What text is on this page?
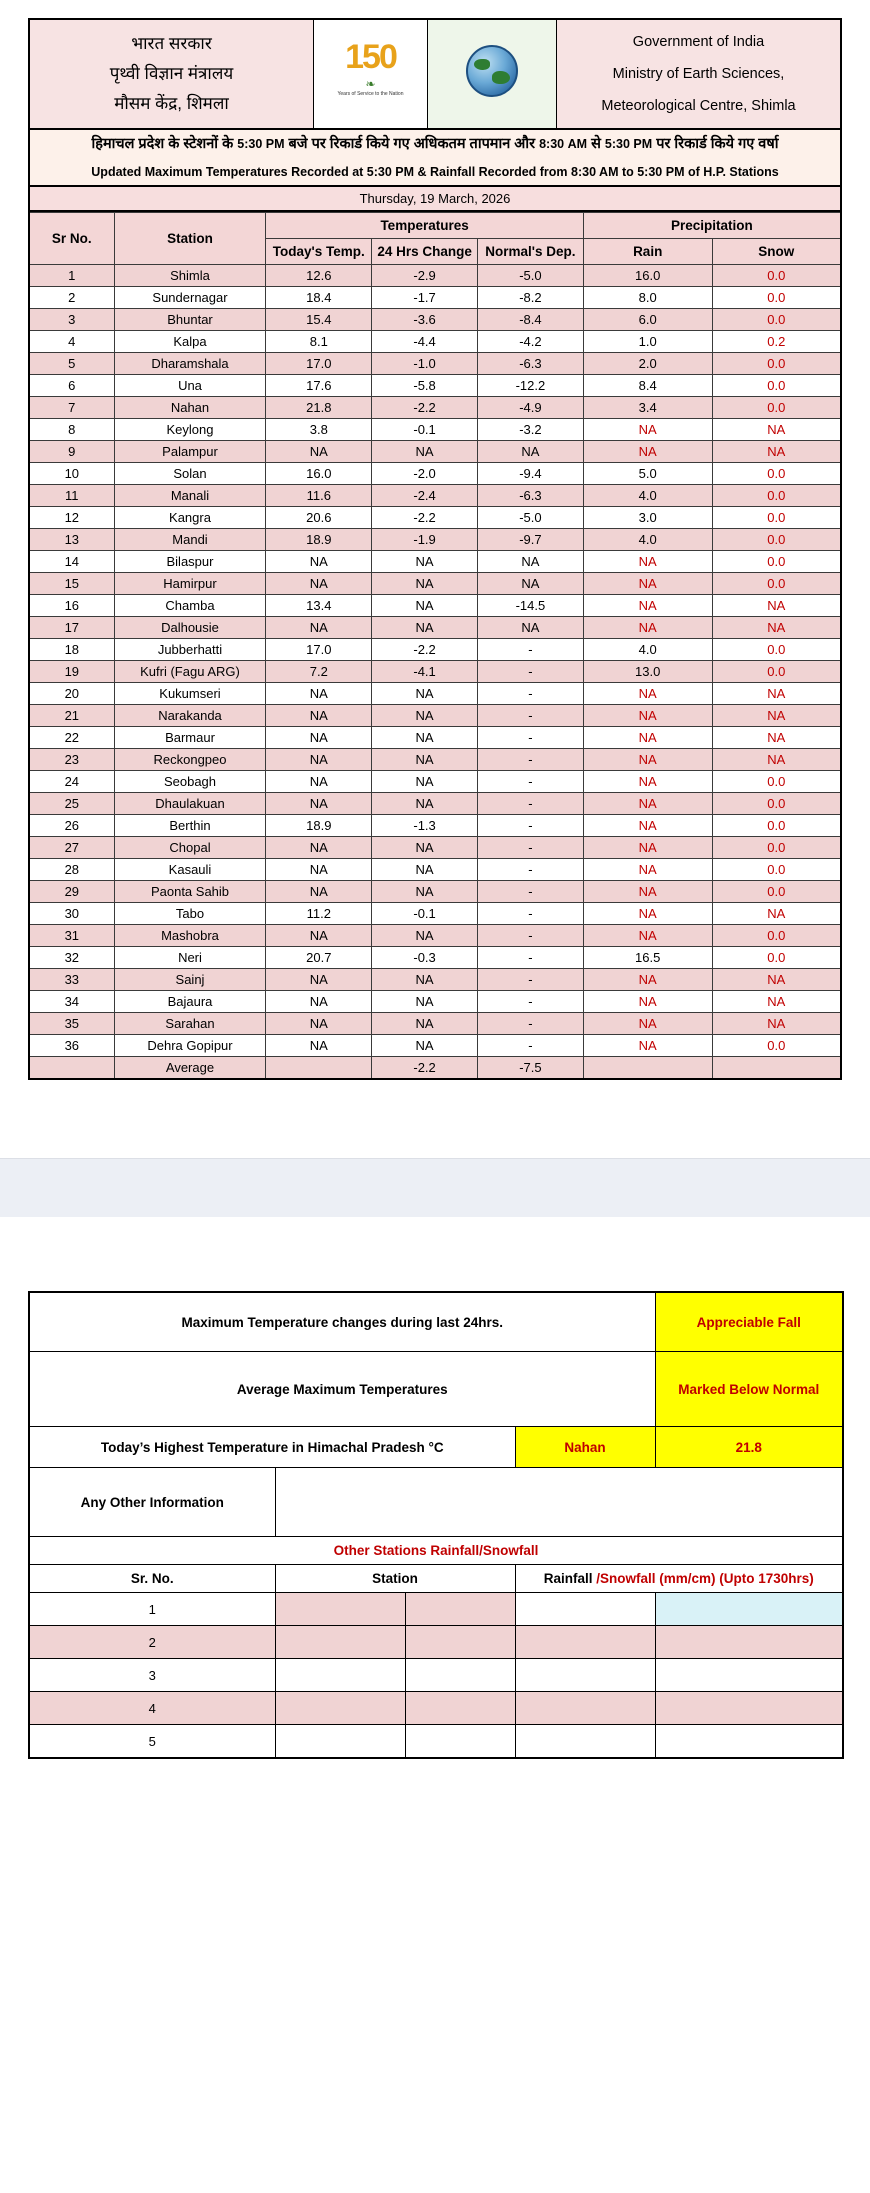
भारत सरकार
पृथ्वी विज्ञान मंत्रालय
मौसम केंद्र, शिमला

150
❧
Years of Service to the Nation

Government of India
Ministry of Earth Sciences,
Meteorological Centre, Shimla
हिमाचल प्रदेश के स्टेशनों के 5:30 PM बजे पर रिकार्ड किये गए अधिकतम तापमान और 8:30 AM से 5:30 PM पर रिकार्ड किये गए वर्षा
Updated Maximum Temperatures Recorded at 5:30 PM & Rainfall Recorded from 8:30 AM to 5:30 PM of H.P. Stations
Thursday, 19 March, 2026
Sr No.	Station	Temperatures			Precipitation	
		Today's Temp.	24 Hrs Change	Normal's Dep.	Rain	Snow
1	Shimla	12.6	-2.9	-5.0	16.0	0.0
2	Sundernagar	18.4	-1.7	-8.2	8.0	0.0
3	Bhuntar	15.4	-3.6	-8.4	6.0	0.0
4	Kalpa	8.1	-4.4	-4.2	1.0	0.2
5	Dharamshala	17.0	-1.0	-6.3	2.0	0.0
6	Una	17.6	-5.8	-12.2	8.4	0.0
7	Nahan	21.8	-2.2	-4.9	3.4	0.0
8	Keylong	3.8	-0.1	-3.2	NA	NA
9	Palampur	NA	NA	NA	NA	NA
10	Solan	16.0	-2.0	-9.4	5.0	0.0
11	Manali	11.6	-2.4	-6.3	4.0	0.0
12	Kangra	20.6	-2.2	-5.0	3.0	0.0
13	Mandi	18.9	-1.9	-9.7	4.0	0.0
14	Bilaspur	NA	NA	NA	NA	0.0
15	Hamirpur	NA	NA	NA	NA	0.0
16	Chamba	13.4	NA	-14.5	NA	NA
17	Dalhousie	NA	NA	NA	NA	NA
18	Jubberhatti	17.0	-2.2	-	4.0	0.0
19	Kufri (Fagu ARG)	7.2	-4.1	-	13.0	0.0
20	Kukumseri	NA	NA	-	NA	NA
21	Narakanda	NA	NA	-	NA	NA
22	Barmaur	NA	NA	-	NA	NA
23	Reckongpeo	NA	NA	-	NA	NA
24	Seobagh	NA	NA	-	NA	0.0
25	Dhaulakuan	NA	NA	-	NA	0.0
26	Berthin	18.9	-1.3	-	NA	0.0
27	Chopal	NA	NA	-	NA	0.0
28	Kasauli	NA	NA	-	NA	0.0
29	Paonta Sahib	NA	NA	-	NA	0.0
30	Tabo	11.2	-0.1	-	NA	NA
31	Mashobra	NA	NA	-	NA	0.0
32	Neri	20.7	-0.3	-	16.5	0.0
33	Sainj	NA	NA	-	NA	NA
34	Bajaura	NA	NA	-	NA	NA
35	Sarahan	NA	NA	-	NA	NA
36	Dehra Gopipur	NA	NA	-	NA	0.0
	Average		-2.2	-7.5		
Maximum Temperature changes during last 24hrs.				Appreciable Fall
Average Maximum Temperatures				Marked Below Normal
Today’s Highest Temperature in Himachal Pradesh °C			Nahan	21.8
Any Other Information				
Other Stations Rainfall/Snowfall				
Sr. No.	Station		Rainfall /Snowfall (mm/cm) (Upto 1730hrs)	
1				
2				
3				
4				
5				
